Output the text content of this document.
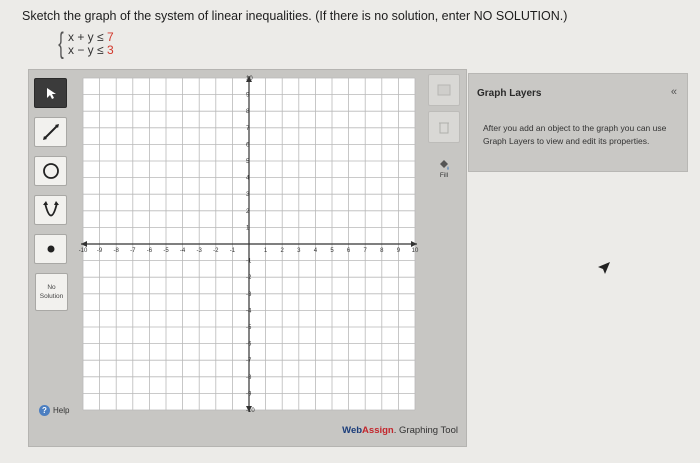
Sketch the graph of the system of linear inequalities. (If there is no solution, enter NO SOLUTION.)
{ x + y ≤ 7
x − y ≤ 3
No
Solution
? Help
-10 -9 -8 -7 -6 -5 -4 -3 -2 -1	1 2 3 4 5 6 7 8 9 10
10
9
8
7
6
5
4
3
2
1
-1
-2
-3
-4
-5
-6
-7
-8
-9
-10
Fill
WebAssign. Graphing Tool
Graph Layers	«
After you add an object to the graph you can use Graph Layers to view and edit its properties.
